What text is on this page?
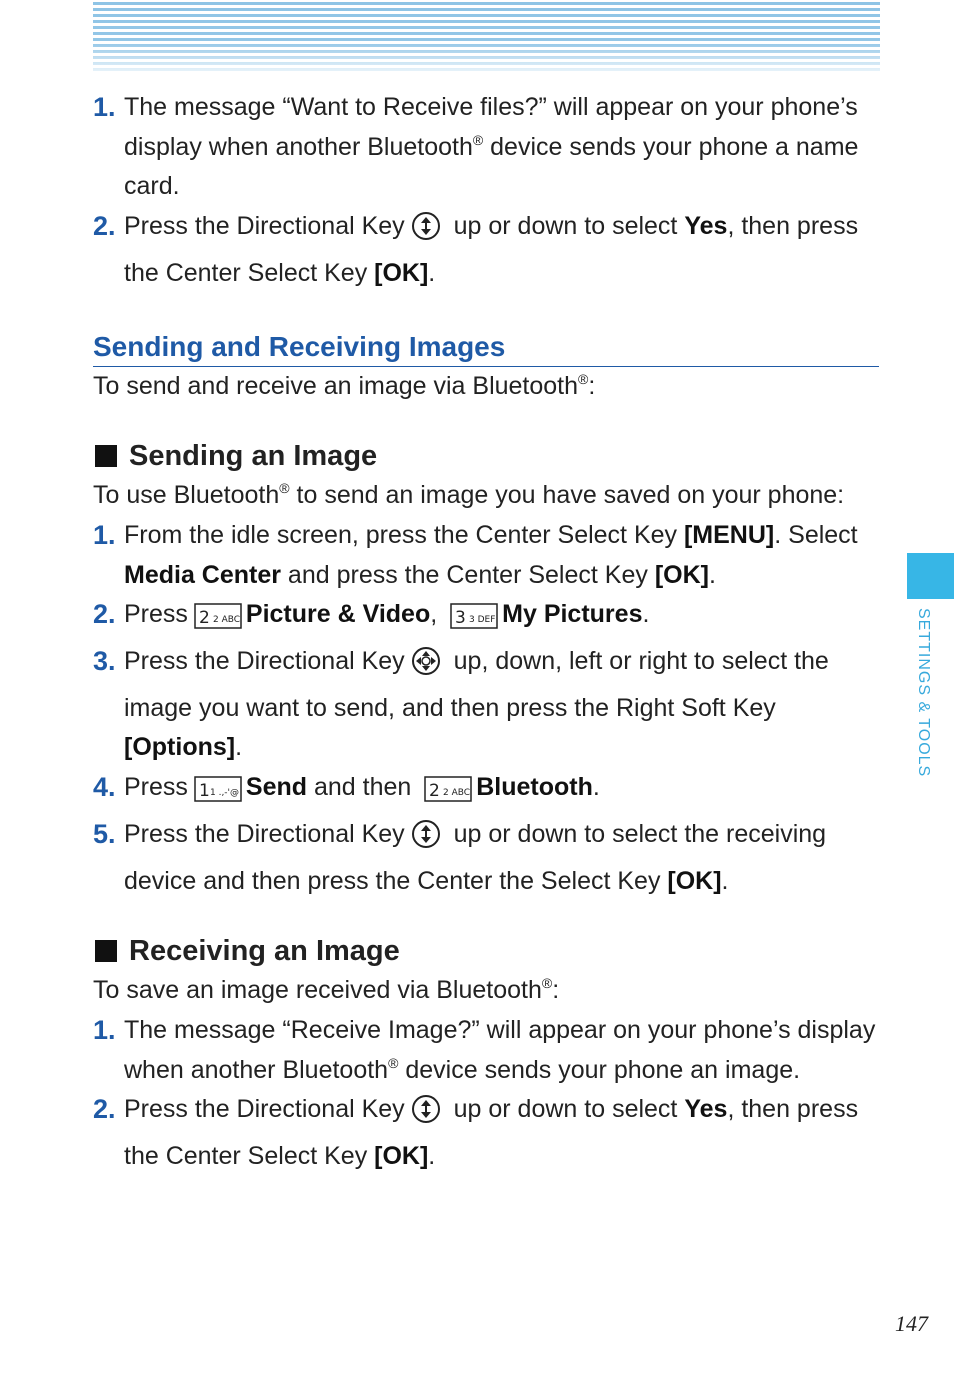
1. The message “Want to Receive files?” will appear on your phone’s display when another Bluetooth® device sends your phone a name card.
2. Press the Directional Key up or down to select Yes, then press the Center Select Key [OK].
Sending and Receiving Images
To send and receive an image via Bluetooth®:
Sending an Image
To use Bluetooth® to send an image you have saved on your phone:
1. From the idle screen, press the Center Select Key [MENU]. Select Media Center and press the Center Select Key [OK].
2. Press 2 2 ABC Picture & Video, 3 3 DEF My Pictures.
3. Press the Directional Key up, down, left or right to select the image you want to send, and then press the Right Soft Key [Options].
4. Press 1 1 .,-'@ Send and then 2 2 ABC Bluetooth.
5. Press the Directional Key up or down to select the receiving device and then press the Center the Select Key [OK].
Receiving an Image
To save an image received via Bluetooth®:
1. The message “Receive Image?” will appear on your phone’s display when another Bluetooth® device sends your phone an image.
2. Press the Directional Key up or down to select Yes, then press the Center Select Key [OK].
SETTINGS & TOOLS
147
